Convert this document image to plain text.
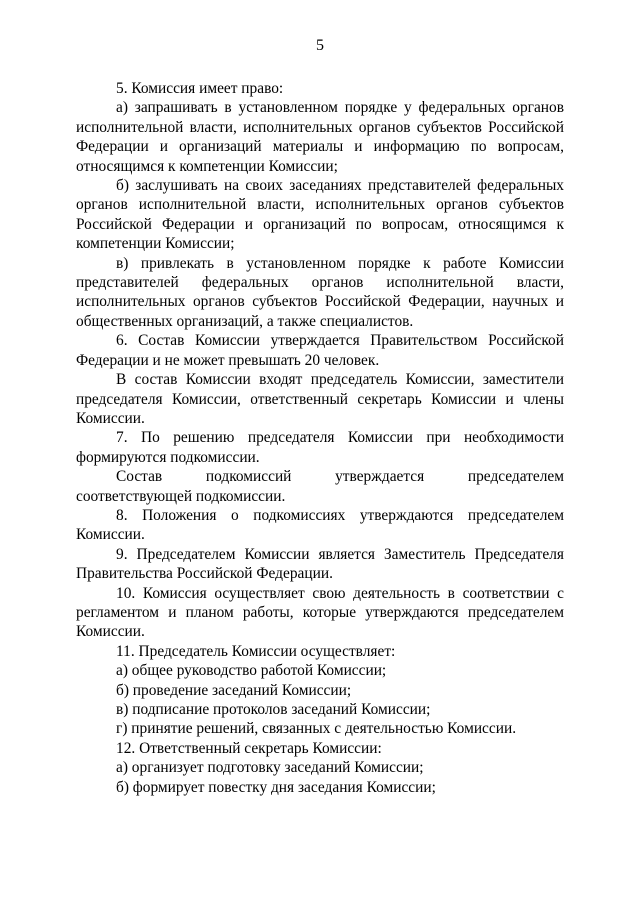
5

5. Комиссия имеет право:

а) запрашивать в установленном порядке у федеральных органов исполнительной власти, исполнительных органов субъектов Российской Федерации и организаций материалы и информацию по вопросам, относящимся к компетенции Комиссии;

б) заслушивать на своих заседаниях представителей федеральных органов исполнительной власти, исполнительных органов субъектов Российской Федерации и организаций по вопросам, относящимся к компетенции Комиссии;

в) привлекать в установленном порядке к работе Комиссии представителей федеральных органов исполнительной власти, исполнительных органов субъектов Российской Федерации, научных и общественных организаций, а также специалистов.

6. Состав Комиссии утверждается Правительством Российской Федерации и не может превышать 20 человек.

В состав Комиссии входят председатель Комиссии, заместители председателя Комиссии, ответственный секретарь Комиссии и члены Комиссии.

7. По решению председателя Комиссии при необходимости формируются подкомиссии.

Состав подкомиссий утверждается председателем соответствующей подкомиссии.

8. Положения о подкомиссиях утверждаются председателем Комиссии.

9. Председателем Комиссии является Заместитель Председателя Правительства Российской Федерации.

10. Комиссия осуществляет свою деятельность в соответствии с регламентом и планом работы, которые утверждаются председателем Комиссии.

11. Председатель Комиссии осуществляет:

а) общее руководство работой Комиссии;

б) проведение заседаний Комиссии;

в) подписание протоколов заседаний Комиссии;

г) принятие решений, связанных с деятельностью Комиссии.

12. Ответственный секретарь Комиссии:

а) организует подготовку заседаний Комиссии;

б) формирует повестку дня заседания Комиссии;
